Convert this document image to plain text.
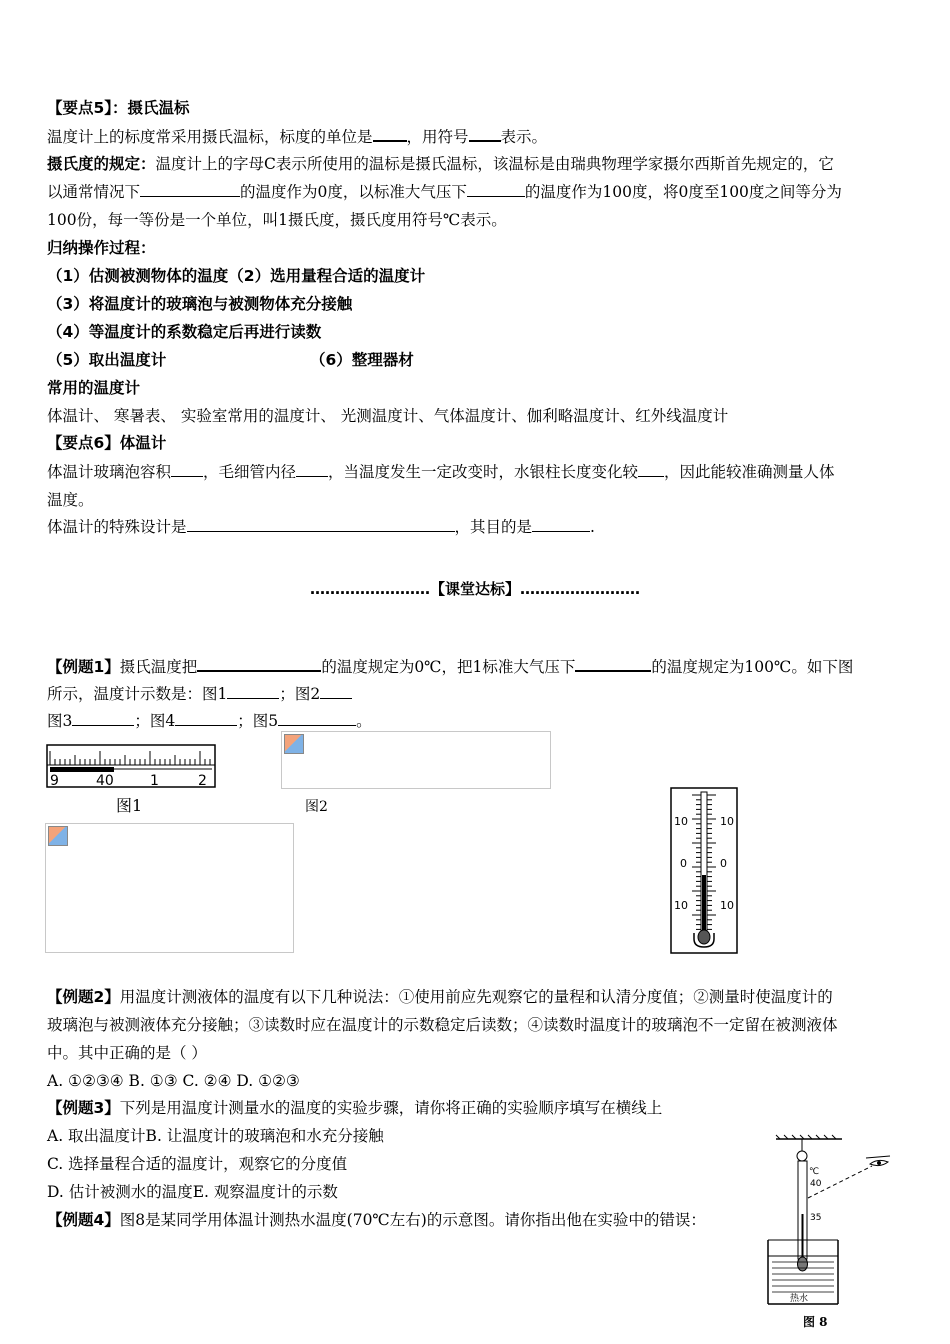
【要点5】：摄氏温标
温度计上的标度常采用摄氏温标，标度的单位是 ，用符号 表示。
摄氏度的规定：温度计上的字母C表示所使用的温标是摄氏温标，该温标是由瑞典物理学家摄尔西斯首先规定的，它
以通常情况下	的温度作为0度，以标准大气压下	的温度作为100度，将0度至100度之间等分为
100份，每一等份是一个单位，叫1摄氏度，摄氏度用符号℃表示。
归纳操作过程：
（1）估测被测物体的温度（2）选用量程合适的温度计
（3）将温度计的玻璃泡与被测物体充分接触
（4）等温度计的系数稳定后再进行读数
（5）取出温度计	（6）整理器材
常用的温度计
体温计、 寒暑表、 实验室常用的温度计、 光测温度计、气体温度计、伽利略温度计、红外线温度计
【要点6】体温计
体温计玻璃泡容积 ，毛细管内径 ，当温度发生一定改变时，水银柱长度变化较 ，因此能较准确测量人体
温度。
体温计的特殊设计是	，其目的是	.
……………………【课堂达标】……………………
【例题1】摄氏温度把	的温度规定为0℃，把1标准大气压下	的温度规定为100℃。如下图
所示，温度计示数是：图1	；图2
图3	；图4	；图5	。
9	40	1	2
图1	图2
10	10
0	0
10	10
【例题2】用温度计测液体的温度有以下几种说法：①使用前应先观察它的量程和认清分度值；②测量时使温度计的
玻璃泡与被测液体充分接触；③读数时应在温度计的示数稳定后读数；④读数时温度计的玻璃泡不一定留在被测液体
中。其中正确的是（ ）
A. ①②③④ B. ①③ C. ②④ D. ①②③
【例题3】下列是用温度计测量水的温度的实验步骤，请你将正确的实验顺序填写在横线上
A. 取出温度计B. 让温度计的玻璃泡和水充分接触
C. 选择量程合适的温度计，观察它的分度值
D. 估计被测水的温度E. 观察温度计的示数
【例题4】图8是某同学用体温计测热水温度(70℃左右)的示意图。请你指出他在实验中的错误：
℃
40
35
热水
图 8
